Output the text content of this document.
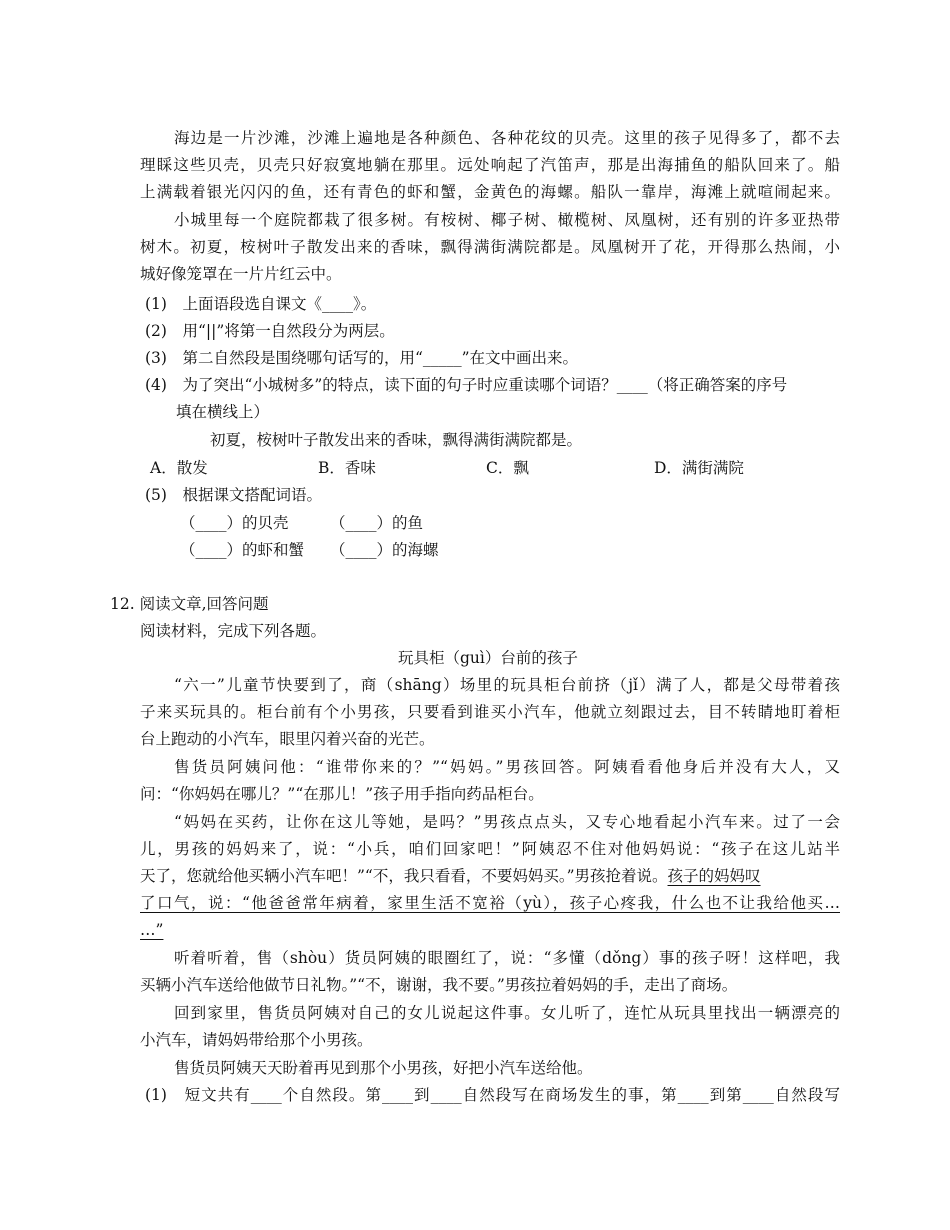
海边是一片沙滩，沙滩上遍地是各种颜色、各种花纹的贝壳。这里的孩子见得多了，都不去
理睬这些贝壳，贝壳只好寂寞地躺在那里。远处响起了汽笛声，那是出海捕鱼的船队回来了。船
上满载着银光闪闪的鱼，还有青色的虾和蟹，金黄色的海螺。船队一靠岸，海滩上就喧闹起来。
小城里每一个庭院都栽了很多树。有桉树、椰子树、橄榄树、凤凰树，还有别的许多亚热带
树木。初夏，桉树叶子散发出来的香味，飘得满街满院都是。凤凰树开了花，开得那么热闹，小
城好像笼罩在一片片红云中。
(1)　上面语段选自课文《____》。
(2)　用“||”将第一自然段分为两层。
(3)　第二自然段是围绕哪句话写的，用“_____”在文中画出来。
(4)　为了突出“小城树多”的特点，读下面的句子时应重读哪个词语？____（将正确答案的序号
填在横线上）
初夏，桉树叶子散发出来的香味，飘得满街满院都是。
A．散发	B．香味	C．飘	D．满街满院
(5)　根据课文搭配词语。
（____）的贝壳	（____）的鱼
（____）的虾和蟹 （____）的海螺
12. 阅读文章,回答问题
阅读材料，完成下列各题。
玩具柜（guì）台前的孩子
“六一”儿童节快要到了，商（shāng）场里的玩具柜台前挤（jǐ）满了人，都是父母带着孩
子来买玩具的。柜台前有个小男孩，只要看到谁买小汽车，他就立刻跟过去，目不转睛地盯着柜
台上跑动的小汽车，眼里闪着兴奋的光芒。
售货员阿姨问他：“谁带你来的？”“妈妈。”男孩回答。阿姨看看他身后并没有大人，又
问：“你妈妈在哪儿？”“在那儿！”孩子用手指向药品柜台。
“妈妈在买药，让你在这儿等她，是吗？”男孩点点头，又专心地看起小汽车来。过了一会
儿，男孩的妈妈来了，说：“小兵，咱们回家吧！”阿姨忍不住对他妈妈说：“孩子在这儿站半
天了，您就给他买辆小汽车吧！”“不，我只看看，不要妈妈买。”男孩抢着说。孩子的妈妈叹
了口气，说：“他爸爸常年病着，家里生活不宽裕（yù），孩子心疼我，什么也不让我给他买…
…”
听着听着，售（shòu）货员阿姨的眼圈红了，说：“多懂（dǒng）事的孩子呀！这样吧，我
买辆小汽车送给他做节日礼物。”“不，谢谢，我不要。”男孩拉着妈妈的手，走出了商场。
回到家里，售货员阿姨对自己的女儿说起这件事。女儿听了，连忙从玩具里找出一辆漂亮的
小汽车，请妈妈带给那个小男孩。
售货员阿姨天天盼着再见到那个小男孩，好把小汽车送给他。
(1)　 短文共有____个自然段。第____到____自然段写在商场发生的事，第____到第____自然段写
